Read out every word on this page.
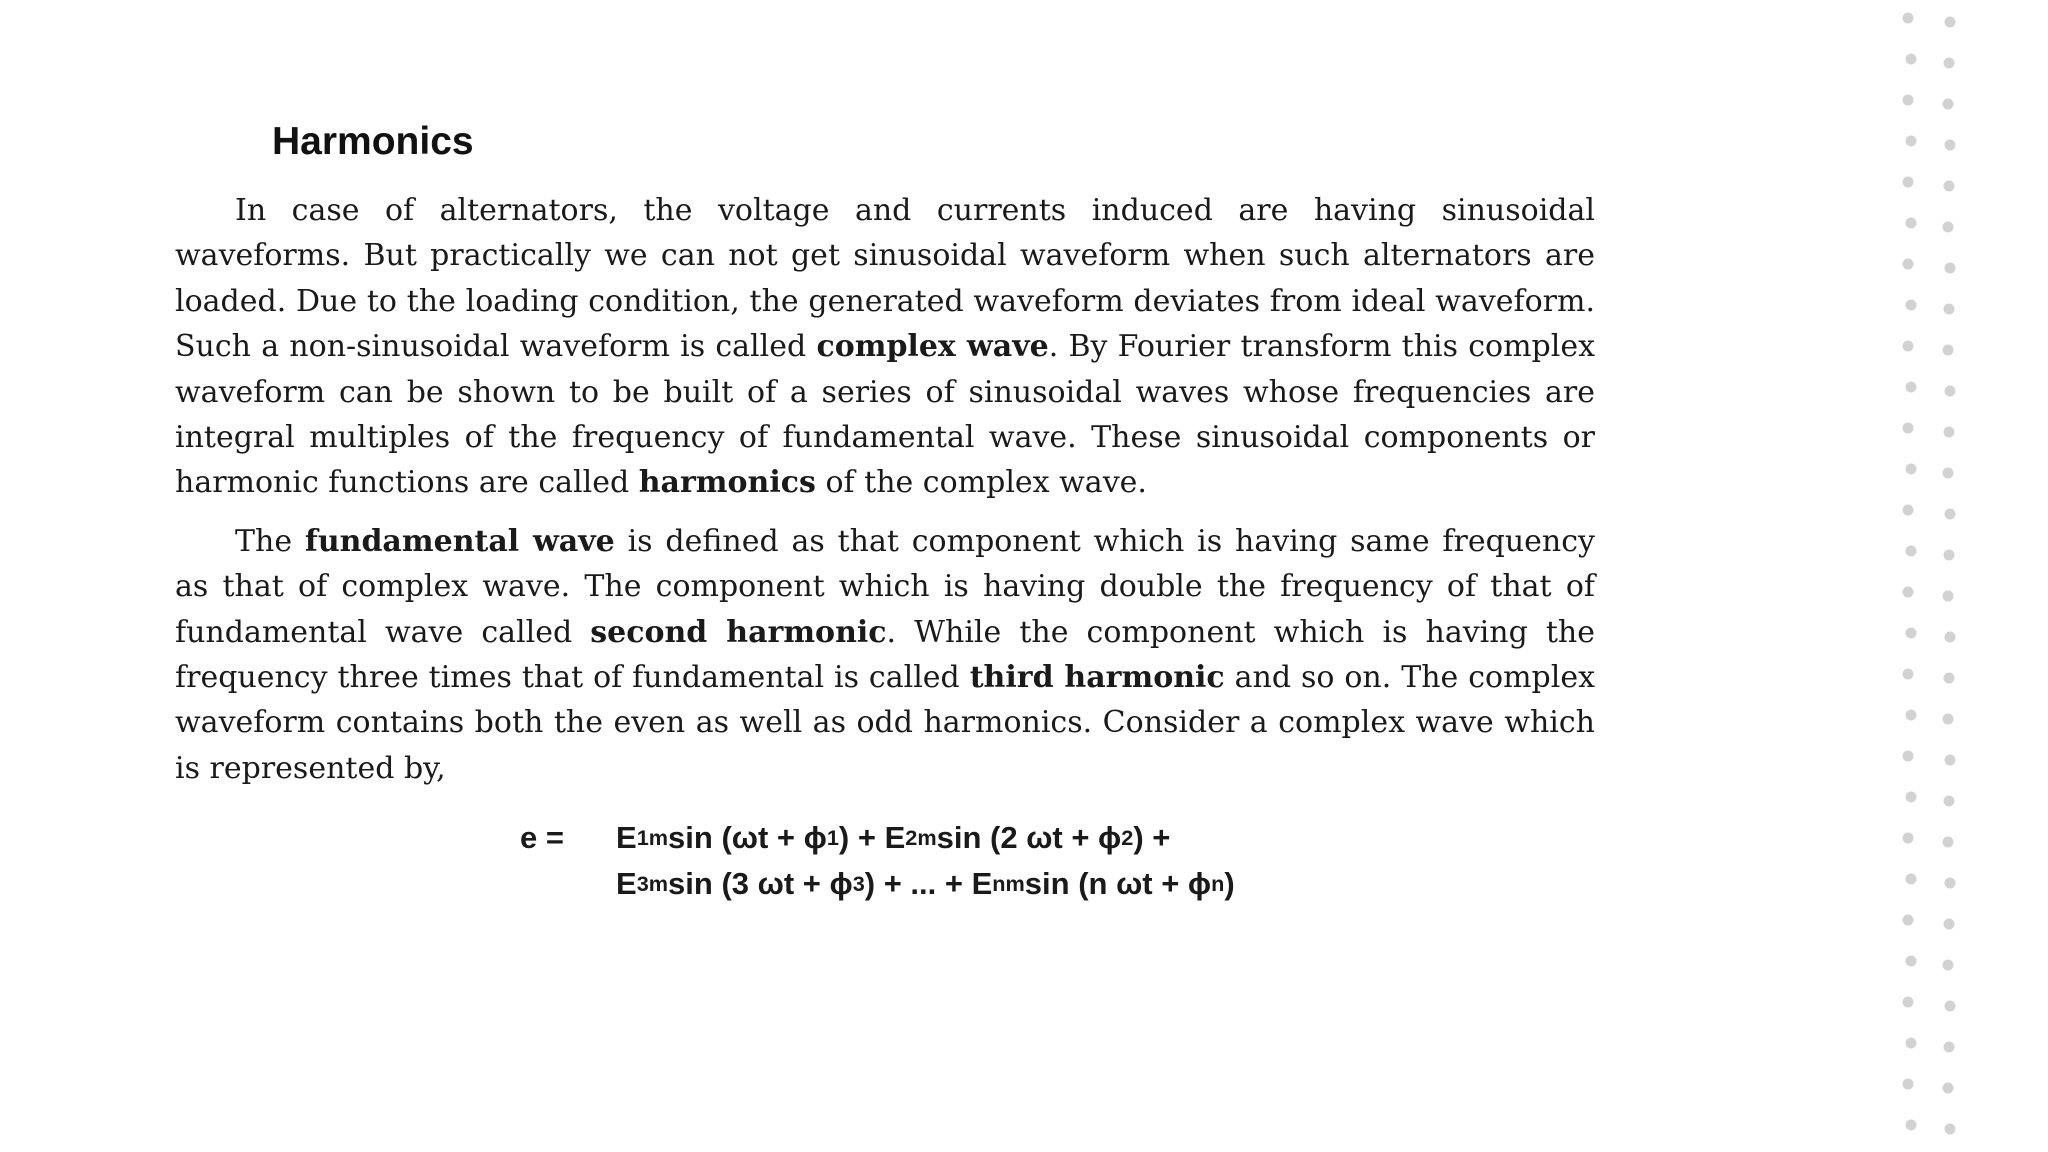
Harmonics

In case of alternators, the voltage and currents induced are having sinusoidal waveforms. But practically we can not get sinusoidal waveform when such alternators are loaded. Due to the loading condition, the generated waveform deviates from ideal waveform. Such a non-sinusoidal waveform is called complex wave. By Fourier transform this complex waveform can be shown to be built of a series of sinusoidal waves whose frequencies are integral multiples of the frequency of fundamental wave. These sinusoidal components or harmonic functions are called harmonics of the complex wave.

The fundamental wave is defined as that component which is having same frequency as that of complex wave. The component which is having double the frequency of that of fundamental wave called second harmonic. While the component which is having the frequency three times that of fundamental is called third harmonic and so on. The complex waveform contains both the even as well as odd harmonics. Consider a complex wave which is represented by,

e =	E 1m sin (ωt + ϕ 1 ) + E 2m sin (2 ωt + ϕ 2 ) +
E 3m sin (3 ωt + ϕ 3 ) + ... + E nm sin (n ωt + ϕ n )
